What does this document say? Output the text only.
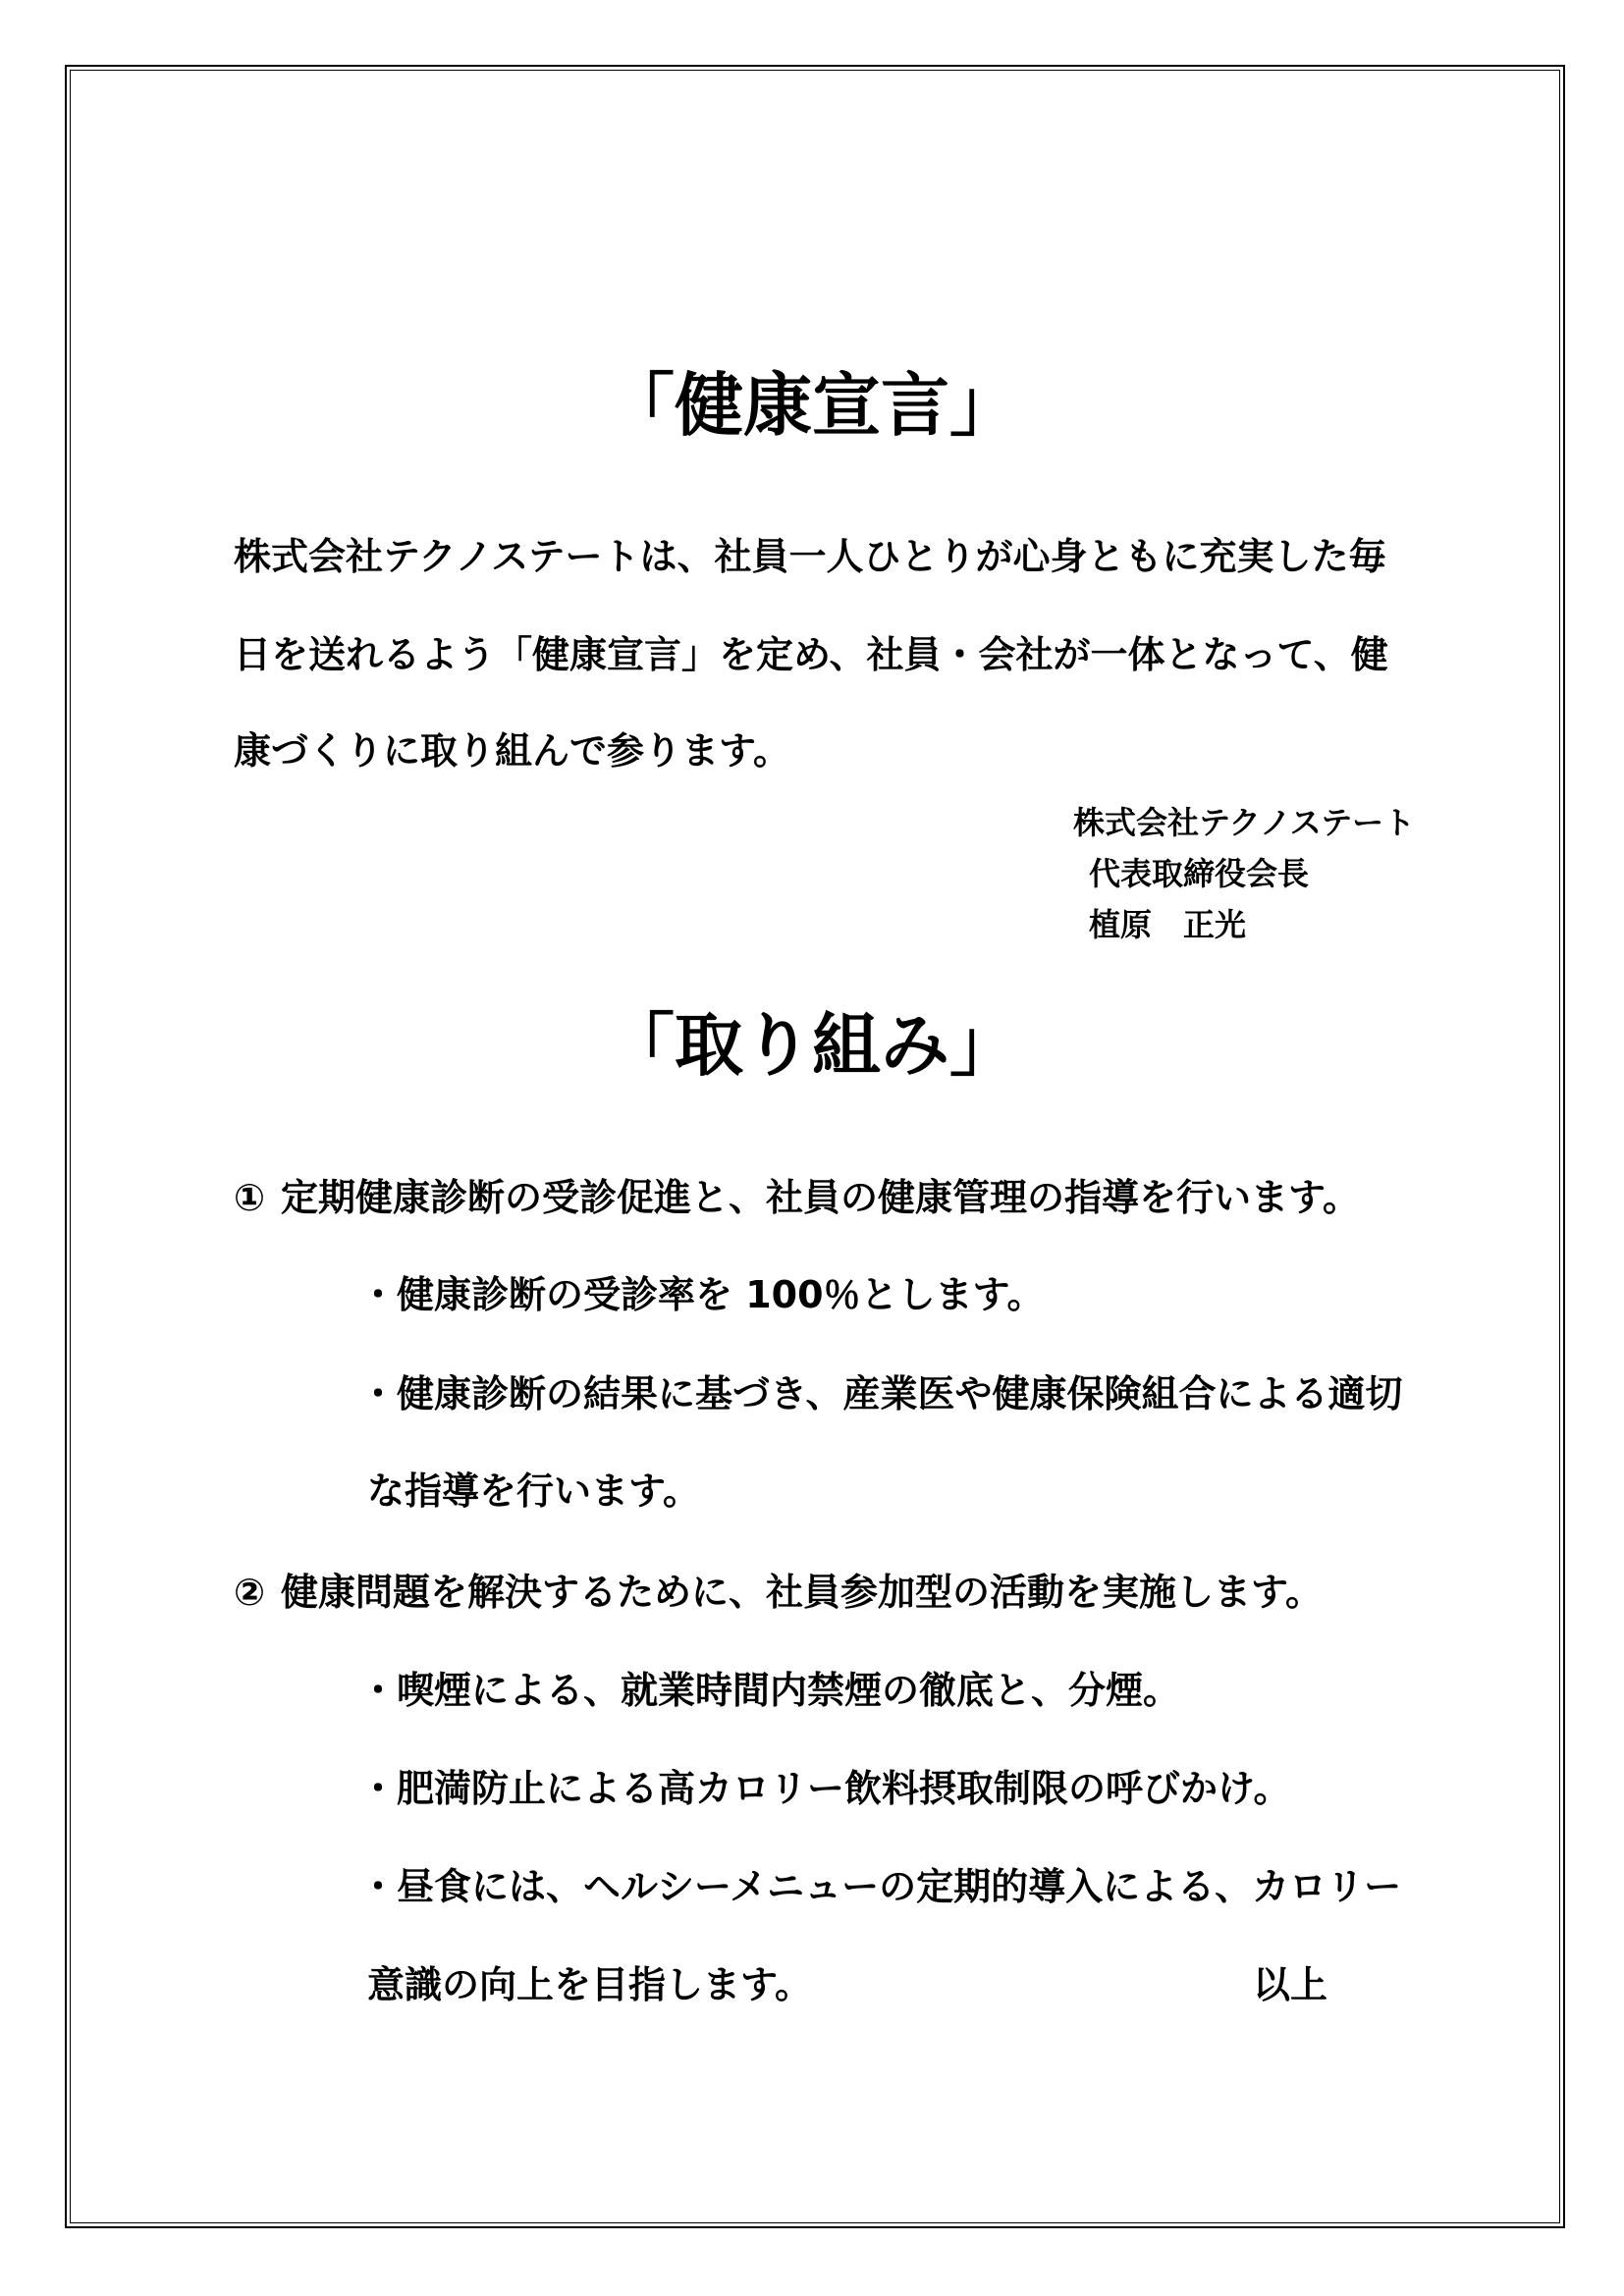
「健康宣言」
株式会社テクノステートは、社員一人ひとりが心身ともに充実した毎
日を送れるよう「健康宣言」を定め、社員・会社が一体となって、健
康づくりに取り組んで参ります。
株式会社テクノステート
代表取締役会長
植原　正光
「取り組み」
① 定期健康診断の受診促進と、社員の健康管理の指導を行います。
・健康診断の受診率を 100％とします。
・健康診断の結果に基づき、産業医や健康保険組合による適切
な指導を行います。
② 健康問題を解決するために、社員参加型の活動を実施します。
・喫煙による、就業時間内禁煙の徹底と、分煙。
・肥満防止による高カロリー飲料摂取制限の呼びかけ。
・昼食には、ヘルシーメニューの定期的導入による、カロリー
意識の向上を目指します。	以上
